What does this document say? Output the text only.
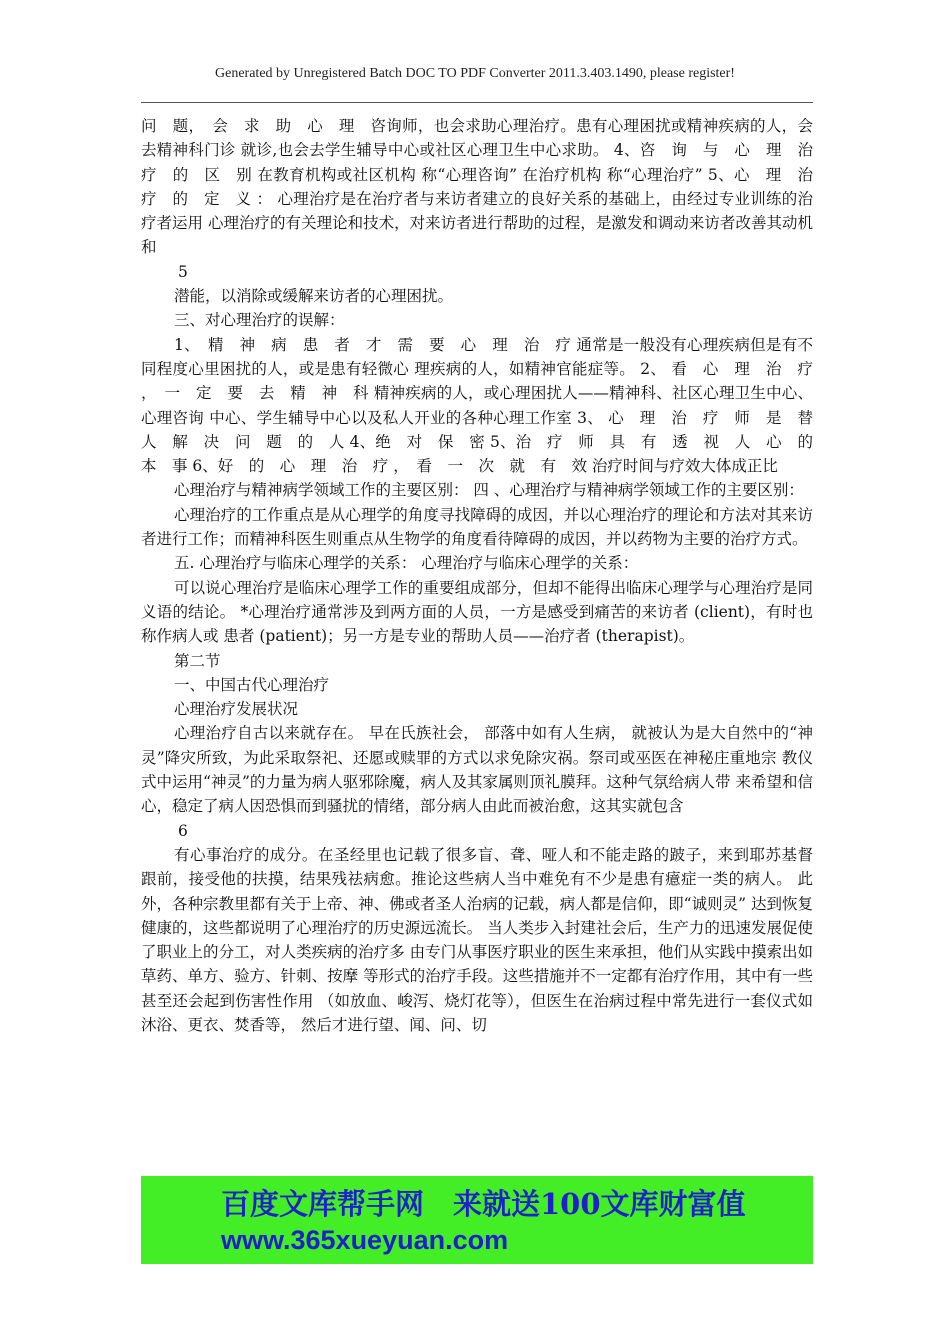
Generated by Unregistered Batch DOC TO PDF Converter 2011.3.403.1490, please register!

问　题，　会　求　助　心　理　咨询师，也会求助心理治疗。患有心理困扰或精神疾病的人，会去精神科门诊 就诊,也会去学生辅导中心或社区心理卫生中心求助。 4、咨　询　与　心　理　治　疗　的　区　别 在教育机构或社区机构 称“心理咨询” 在治疗机构 称“心理治疗” 5、心　理　治　疗　的　定　义 ： 心理治疗是在治疗者与来访者建立的良好关系的基础上，由经过专业训练的治疗者运用 心理治疗的有关理论和技术，对来访者进行帮助的过程，是激发和调动来访者改善其动机和

5

潜能，以消除或缓解来访者的心理困扰。

三、对心理治疗的误解：

1、　精　神　病　患　者　才　需　要　心　理　治　疗 通常是一般没有心理疾病但是有不同程度心里困扰的人，或是患有轻微心 理疾病的人，如精神官能症等。 2、 看　心　理　治　疗 ，　一　定　要　去　精　神　科 精神疾病的人，或心理困扰人——精神科、社区心理卫生中心、心理咨询 中心、学生辅导中心以及私人开业的各种心理工作室 3、 心　理　治　疗　师　是　替　人　解　决　问　题　的　人 4、绝　对　保　密 5、治　疗　师　具　有　透　视　人　心　的　本　事 6、好　的　心　理　治　疗 ，　看　一　次　就　有　效 治疗时间与疗效大体成正比

心理治疗与精神病学领域工作的主要区别： 四 、心理治疗与精神病学领域工作的主要区别：

心理治疗的工作重点是从心理学的角度寻找障碍的成因，并以心理治疗的理论和方法对其来访者进行工作；而精神科医生则重点从生物学的角度看待障碍的成因，并以药物为主要的治疗方式。

五. 心理治疗与临床心理学的关系： 心理治疗与临床心理学的关系：

可以说心理治疗是临床心理学工作的重要组成部分，但却不能得出临床心理学与心理治疗是同义语的结论。 *心理治疗通常涉及到两方面的人员，一方是感受到痛苦的来访者 (client)，有时也称作病人或 患者 (patient)；另一方是专业的帮助人员——治疗者 (therapist)。

第二节

一、中国古代心理治疗

心理治疗发展状况

心理治疗自古以来就存在。 早在氏族社会， 部落中如有人生病， 就被认为是大自然中的“神 灵”降灾所致，为此采取祭祀、还愿或赎罪的方式以求免除灾祸。祭司或巫医在神秘庄重地宗 教仪式中运用“神灵”的力量为病人驱邪除魔，病人及其家属则顶礼膜拜。这种气氛给病人带 来希望和信心，稳定了病人因恐惧而到骚扰的情绪，部分病人由此而被治愈，这其实就包含

6

有心事治疗的成分。在圣经里也记载了很多盲、聋、哑人和不能走路的跛子，来到耶苏基督 跟前，接受他的扶摸，结果残祛病愈。推论这些病人当中难免有不少是患有癔症一类的病人。 此外，各种宗教里都有关于上帝、神、佛或者圣人治病的记载，病人都是信仰，即“诚则灵” 达到恢复健康的，这些都说明了心理治疗的历史源远流长。 当人类步入封建社会后，生产力的迅速发展促使了职业上的分工，对人类疾病的治疗多 由专门从事医疗职业的医生来承担，他们从实践中摸索出如草药、单方、验方、针刺、按摩 等形式的治疗手段。这些措施并不一定都有治疗作用，其中有一些甚至还会起到伤害性作用 （如放血、峻泻、烧灯花等），但医生在治病过程中常先进行一套仪式如沐浴、更衣、焚香等， 然后才进行望、闻、问、切

百度文库帮手网　来就送100文库财富值
www.365xueyuan.com
